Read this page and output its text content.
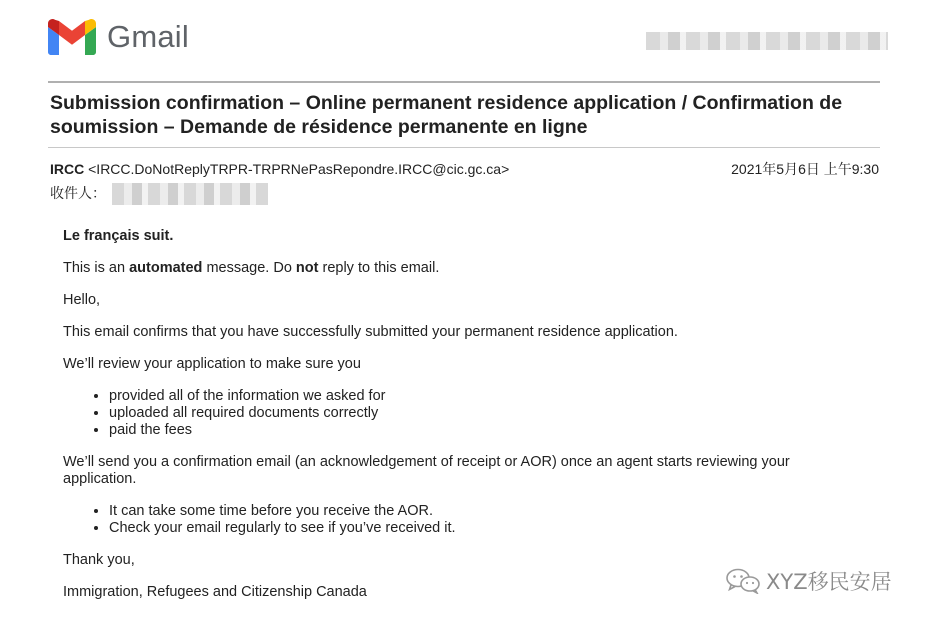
Gmail
Submission confirmation – Online permanent residence application / Confirmation de soumission – Demande de résidence permanente en ligne
IRCC <IRCC.DoNotReplyTRPR-TRPRNePasRepondre.IRCC@cic.gc.ca>	2021年5月6日 上午9:30
收件人：

Le français suit.

This is an automated message. Do not reply to this email.

Hello,

This email confirms that you have successfully submitted your permanent residence application.

We’ll review your application to make sure you

• provided all of the information we asked for
• uploaded all required documents correctly
• paid the fees

We’ll send you a confirmation email (an acknowledgement of receipt or AOR) once an agent starts reviewing your application.

• It can take some time before you receive the AOR.
• Check your email regularly to see if you’ve received it.

Thank you,

Immigration, Refugees and Citizenship Canada	XYZ移民安居
